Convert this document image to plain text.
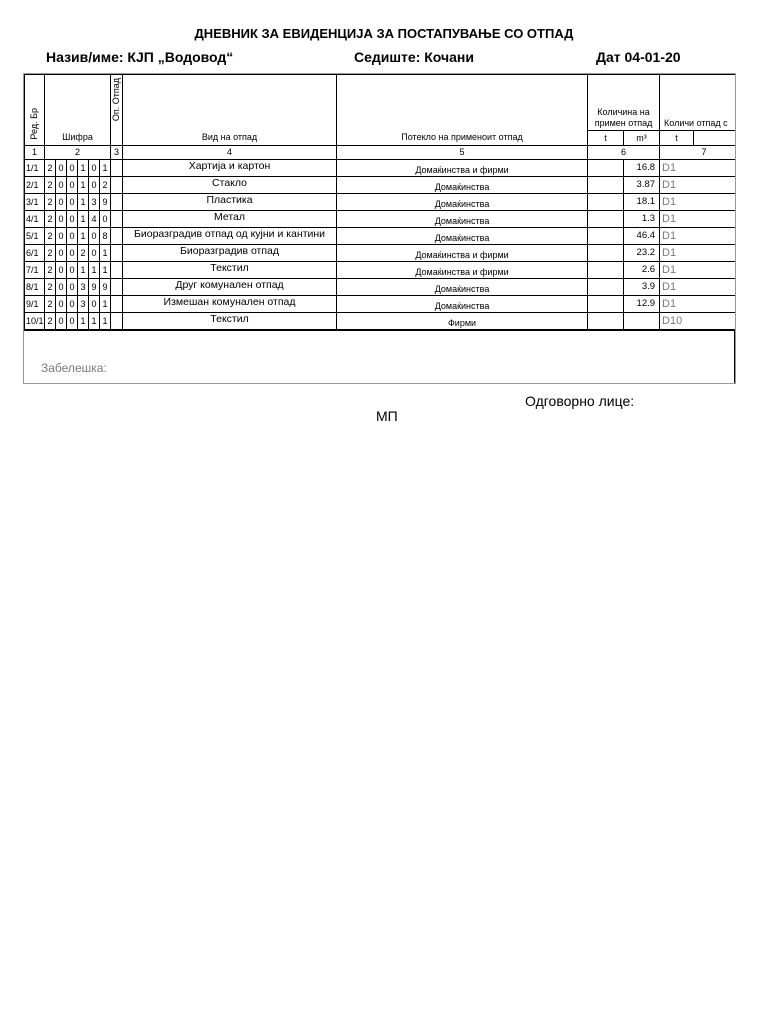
ДНЕВНИК ЗА ЕВИДЕНЦИЈА ЗА ПОСТАПУВАЊЕ СО ОТПАД
Назив/име: КЈП „Водовод“	Седиште: Кочани	Дат 04-01-20
Ред. Бр	Шифра						Оп. Отпад	Вид на отпад	Потекло на применоит отпад	Количина на примен отпад		Количи отпад с	
										t	m³	t	
1	2						3	4	5	6		7	
1/1	2	0	0	1	0	1		Хартија и картон	Домаќинства и фирми		16.8	D1	
2/1	2	0	0	1	0	2		Стакло	Домаќинства		3.87	D1	
3/1	2	0	0	1	3	9		Пластика	Домаќинства		18.1	D1	
4/1	2	0	0	1	4	0		Метал	Домаќинства		1.3	D1	
5/1	2	0	0	1	0	8		Биоразградив отпад од кујни и кантини	Домаќинства		46.4	D1	
6/1	2	0	0	2	0	1		Биоразградив отпад	Домаќинства и фирми		23.2	D1	
7/1	2	0	0	1	1	1		Текстил	Домаќинства и фирми		2.6	D1	
8/1	2	0	0	3	9	9		Друг комунален отпад	Домаќинства		3.9	D1	
9/1	2	0	0	3	0	1		Измешан комунален отпад	Домаќинства		12.9	D1	
10/1	2	0	0	1	1	1		Текстил	Фирми			D10	
Забелешка:
Одговорно лице:
МП
